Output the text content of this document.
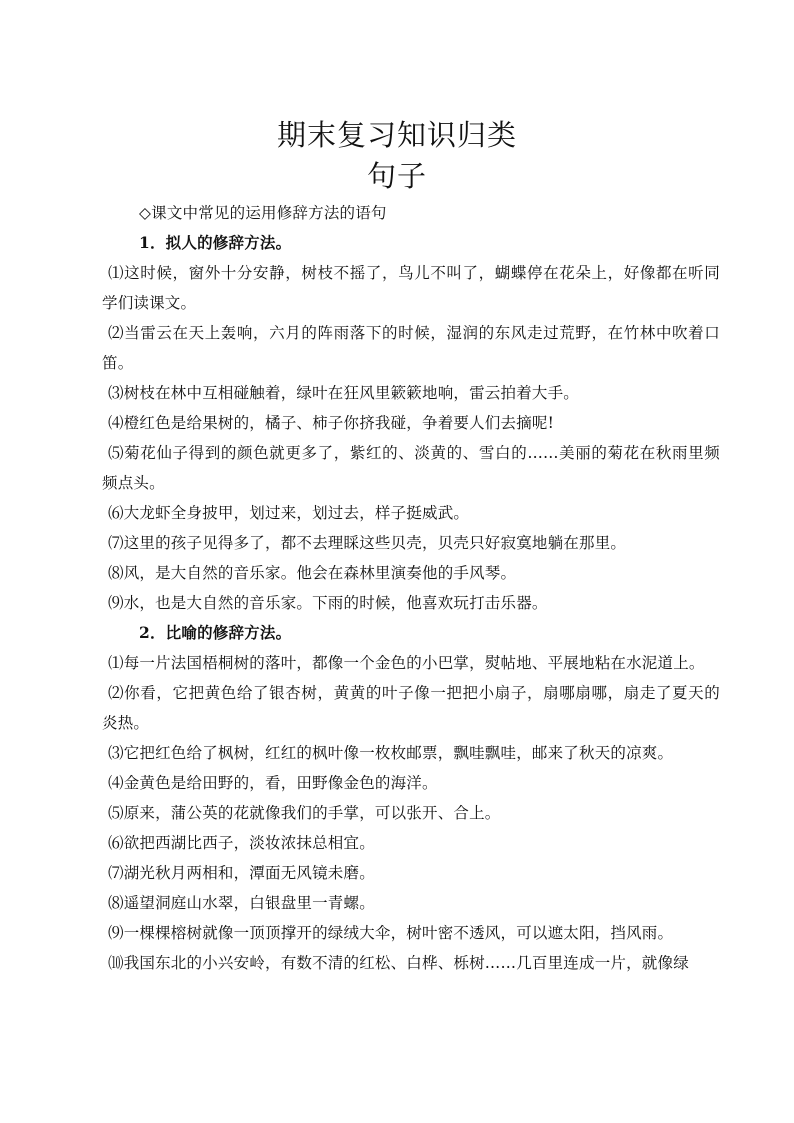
期末复习知识归类
句子

◇课文中常见的运用修辞方法的语句

1．拟人的修辞方法。

⑴这时候，窗外十分安静，树枝不摇了，鸟儿不叫了，蝴蝶停在花朵上，好像都在听同学们读课文。

⑵当雷云在天上轰响，六月的阵雨落下的时候，湿润的东风走过荒野，在竹林中吹着口笛。

⑶树枝在林中互相碰触着，绿叶在狂风里簌簌地响，雷云拍着大手。

⑷橙红色是给果树的，橘子、柿子你挤我碰，争着要人们去摘呢!

⑸菊花仙子得到的颜色就更多了，紫红的、淡黄的、雪白的……美丽的菊花在秋雨里频频点头。

⑹大龙虾全身披甲，划过来，划过去，样子挺威武。

⑺这里的孩子见得多了，都不去理睬这些贝壳，贝壳只好寂寞地躺在那里。

⑻风，是大自然的音乐家。他会在森林里演奏他的手风琴。

⑼水，也是大自然的音乐家。下雨的时候，他喜欢玩打击乐器。

2．比喻的修辞方法。

⑴每一片法国梧桐树的落叶，都像一个金色的小巴掌，熨帖地、平展地粘在水泥道上。

⑵你看，它把黄色给了银杏树，黄黄的叶子像一把把小扇子，扇哪扇哪，扇走了夏天的炎热。

⑶它把红色给了枫树，红红的枫叶像一枚枚邮票，飘哇飘哇，邮来了秋天的凉爽。

⑷金黄色是给田野的，看，田野像金色的海洋。

⑸原来，蒲公英的花就像我们的手掌，可以张开、合上。

⑹欲把西湖比西子，淡妆浓抹总相宜。

⑺湖光秋月两相和，潭面无风镜未磨。

⑻遥望洞庭山水翠，白银盘里一青螺。

⑼一棵棵榕树就像一顶顶撑开的绿绒大伞，树叶密不透风，可以遮太阳，挡风雨。

⑽我国东北的小兴安岭，有数不清的红松、白桦、栎树……几百里连成一片，就像绿
